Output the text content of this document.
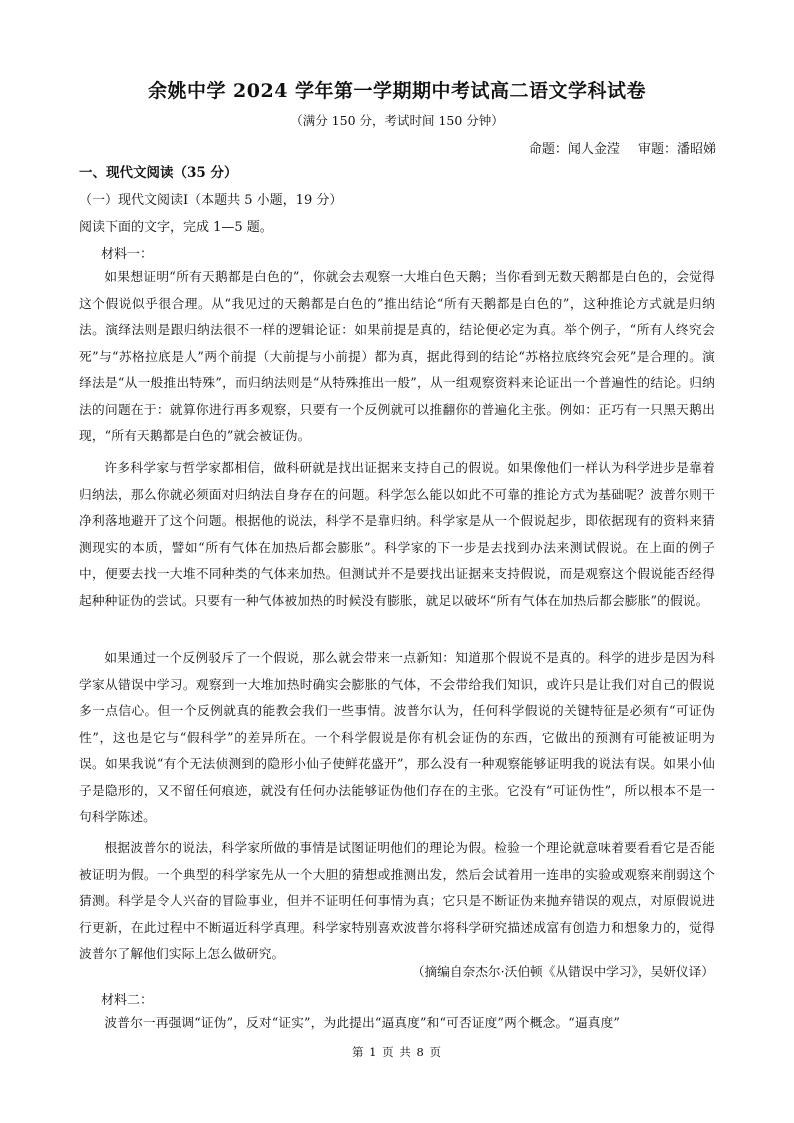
余姚中学 2024 学年第一学期期中考试高二语文学科试卷
（满分 150 分，考试时间 150 分钟）
命题：闻人金滢 审题：潘昭娣
一、现代文阅读（35 分）
（一）现代文阅读Ⅰ（本题共 5 小题，19 分）
阅读下面的文字，完成 1—5 题。
材料一：
如果想证明“所有天鹅都是白色的”，你就会去观察一大堆白色天鹅；当你看到无数天鹅都是白色的，会觉得这个假说似乎很合理。从“我见过的天鹅都是白色的”推出结论“所有天鹅都是白色的”，这种推论方式就是归纳法。演绎法则是跟归纳法很不一样的逻辑论证：如果前提是真的，结论便必定为真。举个例子，“所有人终究会死”与“苏格拉底是人”两个前提（大前提与小前提）都为真，据此得到的结论“苏格拉底终究会死”是合理的。演绎法是“从一般推出特殊”，而归纳法则是“从特殊推出一般”，从一组观察资料来论证出一个普遍性的结论。归纳法的问题在于：就算你进行再多观察，只要有一个反例就可以推翻你的普遍化主张。例如：正巧有一只黑天鹅出现，“所有天鹅都是白色的”就会被证伪。
许多科学家与哲学家都相信，做科研就是找出证据来支持自己的假说。如果像他们一样认为科学进步是靠着归纳法，那么你就必须面对归纳法自身存在的问题。科学怎么能以如此不可靠的推论方式为基础呢？波普尔则干净利落地避开了这个问题。根据他的说法，科学不是靠归纳。科学家是从一个假说起步，即依据现有的资料来猜测现实的本质，譬如“所有气体在加热后都会膨胀”。科学家的下一步是去找到办法来测试假说。在上面的例子中，便要去找一大堆不同种类的气体来加热。但测试并不是要找出证据来支持假说，而是观察这个假说能否经得起种种证伪的尝试。只要有一种气体被加热的时候没有膨胀，就足以破坏“所有气体在加热后都会膨胀”的假说。
如果通过一个反例驳斥了一个假说，那么就会带来一点新知：知道那个假说不是真的。科学的进步是因为科学家从错误中学习。观察到一大堆加热时确实会膨胀的气体，不会带给我们知识，或许只是让我们对自己的假说多一点信心。但一个反例就真的能教会我们一些事情。波普尔认为，任何科学假说的关键特征是必须有“可证伪性”，这也是它与“假科学”的差异所在。一个科学假说是你有机会证伪的东西，它做出的预测有可能被证明为误。如果我说“有个无法侦测到的隐形小仙子使鲜花盛开”，那么没有一种观察能够证明我的说法有误。如果小仙子是隐形的，又不留任何痕迹，就没有任何办法能够证伪他们存在的主张。它没有“可证伪性”，所以根本不是一句科学陈述。
根据波普尔的说法，科学家所做的事情是试图证明他们的理论为假。检验一个理论就意味着要看看它是否能被证明为假。一个典型的科学家先从一个大胆的猜想或推测出发，然后会试着用一连串的实验或观察来削弱这个猜测。科学是令人兴奋的冒险事业，但并不证明任何事情为真；它只是不断证伪来抛弃错误的观点，对原假说进行更新，在此过程中不断逼近科学真理。科学家特别喜欢波普尔将科学研究描述成富有创造力和想象力的，觉得波普尔了解他们实际上怎么做研究。
（摘编自奈杰尔·沃伯顿《从错误中学习》，吴妍仪译）
材料二：
波普尔一再强调“证伪”，反对“证实”，为此提出“逼真度”和“可否证度”两个概念。“逼真度”
第 1 页 共 8 页
